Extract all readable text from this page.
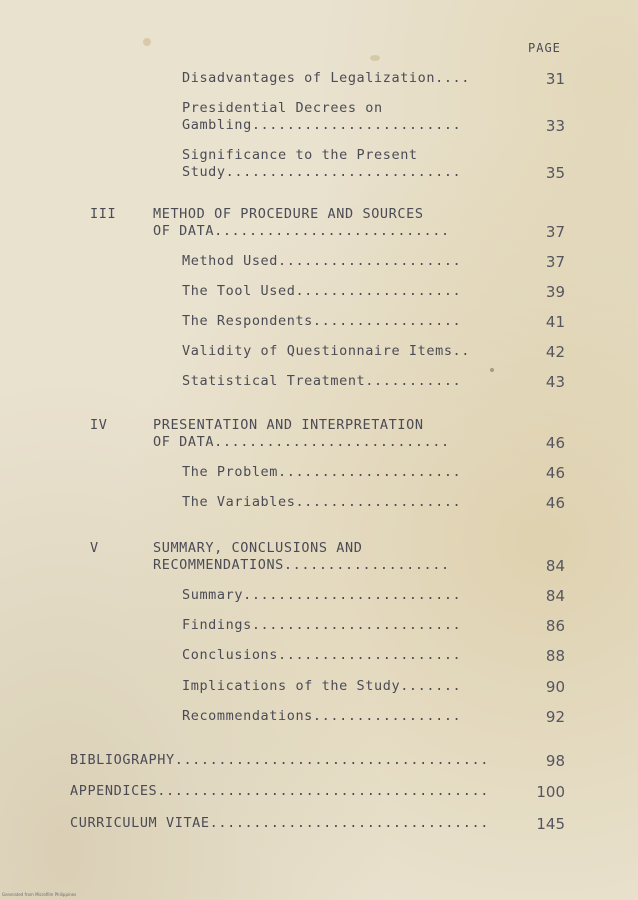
PAGE
Disadvantages of Legalization....	31
Presidential Decrees on
Gambling........................	33
Significance to the Present
Study...........................	35
III	METHOD OF PROCEDURE AND SOURCES
OF DATA...........................	37
Method Used.....................	37
The Tool Used...................	39
The Respondents.................	41
Validity of Questionnaire Items..	42
Statistical Treatment...........	43
IV	PRESENTATION AND INTERPRETATION
OF DATA...........................	46
The Problem.....................	46
The Variables...................	46
V	SUMMARY, CONCLUSIONS AND
RECOMMENDATIONS...................	84
Summary.........................	84
Findings........................	86
Conclusions.....................	88
Implications of the Study.......	90
Recommendations.................	92
BIBLIOGRAPHY....................................	98
APPENDICES......................................	100
CURRICULUM VITAE................................	145
Generated from Microfilm Philippines
